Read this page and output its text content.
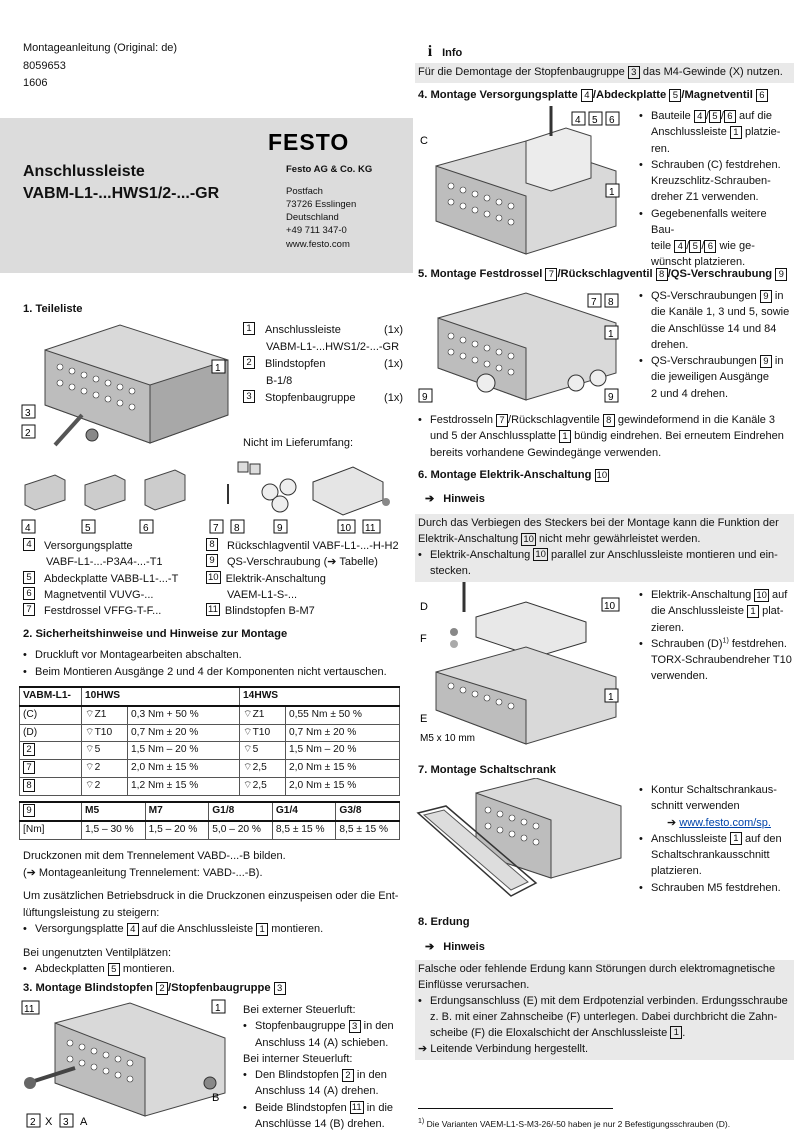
Montageanleitung (Original: de)
8059653
1606
Anschlussleiste
VABM-L1-...HWS1/2-...-GR
FESTO
Festo AG & Co. KG
Postfach
73726 Esslingen
Deutschland
+49 711 347-0
www.festo.com
1. Teileliste
3
2
1
4	5	6	7 8	9	10 11
1	Anschlussleiste	(1x)
VABM-L1-...HWS1/2-...-GR
2	Blindstopfen	(1x)
B-1/8
3	Stopfenbaugruppe	(1x)
Nicht im Lieferumfang:
4	Versorgungsplatte
VABF-L1-...-P3A4-...-T1
5	Abdeckplatte VABB-L1-...-T
6	Magnetventil VUVG-...
7	Festdrossel VFFG-T-F...
8	Rückschlagventil VABF-L1-...-H-H2
9	QS-Verschraubung (➔ Tabelle)
10 Elektrik-Anschaltung
VAEM-L1-S-...
11 Blindstopfen B-M7
2. Sicherheitshinweise und Hinweise zur Montage
• Druckluft vor Montagearbeiten abschalten.
• Beim Montieren Ausgänge 2 und 4 der Komponenten nicht vertauschen.
VABM-L1-	10HWS		14HWS	
(C)	⌔Z1	0,3 Nm + 50 %	⌔Z1	0,55 Nm ± 50 %
(D)	⌔T10	0,7 Nm ± 20 %	⌔T10	0,7 Nm ± 20 %
2	⌔5	1,5 Nm – 20 %	⌔5	1,5 Nm – 20 %
7	⌔2	2,0 Nm ± 15 %	⌔2,5	2,0 Nm ± 15 %
8	⌔2	1,2 Nm ± 15 %	⌔2,5	2,0 Nm ± 15 %
9	M5	M7	G1/8	G1/4	G3/8
[Nm]	1,5 – 30 %	1,5 – 20 %	5,0 – 20 %	8,5 ± 15 %	8,5 ± 15 %
Druckzonen mit dem Trennelement VABD-...-B bilden.
(➔ Montageanleitung Trennelement: VABD-...-B).
Um zusätzlichen Betriebsdruck in die Druckzonen einzuspeisen oder die Ent-
lüftungsleistung zu steigern:
• Versorgungsplatte 4 auf die Anschlussleiste 1 montieren.
Bei ungenutzten Ventilplätzen:
• Abdeckplatten 5 montieren.
3. Montage Blindstopfen 2 /Stopfenbaugruppe 3
11	1
B
2 X 3 A
Bei externer Steuerluft:
• Stopfenbaugruppe 3 in den
Anschluss 14 (A) schieben.
Bei interner Steuerluft:
• Den Blindstopfen 2 in den
Anschluss 14 (A) drehen.
• Beide Blindstopfen 11 in die
Anschlüsse 14 (B) drehen.
i Info
Für die Demontage der Stopfenbaugruppe 3 das M4-Gewinde (X) nutzen.
4. Montage Versorgungsplatte 4 /Abdeckplatte 5 /Magnetventil 6
C
4 5 6
1
• Bauteile 4 / 5 / 6 auf die
Anschlussleiste 1 platzie-
ren.
• Schrauben (C) festdrehen.
Kreuzschlitz-Schrauben-
dreher Z1 verwenden.
• Gegebenenfalls weitere Bau-
teile 4 / 5 / 6 wie ge-
wünscht platzieren.
5. Montage Festdrossel 7 /Rückschlagventil 8 /QS-Verschraubung 9
7 8
1
9	9
• QS-Verschraubungen 9 in
die Kanäle 1, 3 und 5, sowie
die Anschlüsse 14 und 84
drehen.
• QS-Verschraubungen 9 in
die jeweiligen Ausgänge
2 und 4 drehen.
• Festdrosseln 7 /Rückschlagventile 8 gewindeformend in die Kanäle 3
und 5 der Anschlussplatte 1 bündig eindrehen. Bei erneutem Eindrehen
bereits vorhandene Gewindegänge verwenden.
6. Montage Elektrik-Anschaltung 10
➔ Hinweis
Durch das Verbiegen des Steckers bei der Montage kann die Funktion der
Elektrik-Anschaltung 10 nicht mehr gewährleistet werden.
• Elektrik-Anschaltung 10 parallel zur Anschlussleiste montieren und ein-
stecken.
D
F
10
1
E
M5 x 10 mm
• Elektrik-Anschaltung 10 auf
die Anschlussleiste 1 plat-
zieren.
• Schrauben $(D)^{1)}$ festdrehen.
TORX-Schraubendreher T10
verwenden.
7. Montage Schaltschrank
• Kontur Schaltschrankaus-
schnitt verwenden
➔ www.festo.com/sp.
• Anschlussleiste 1 auf den
Schaltschrankausschnitt
platzieren.
• Schrauben M5 festdrehen.
8. Erdung
➔ Hinweis
Falsche oder fehlende Erdung kann Störungen durch elektromagnetische
Einflüsse verursachen.
• Erdungsanschluss (E) mit dem Erdpotenzial verbinden. Erdungsschraube
z. B. mit einer Zahnscheibe (F) unterlegen. Dabei durchbricht die Zahn-
scheibe (F) die Eloxalschicht der Anschlussleiste 1 .
➔ Leitende Verbindung hergestellt.
$^{1)}$ Die Varianten VAEM-L1-S-M3-26/-50 haben je nur 2 Befestigungsschrauben (D).
